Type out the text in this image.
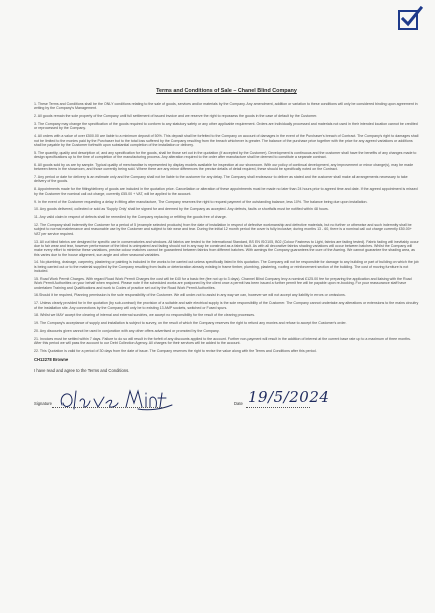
Terms and Conditions of Sale – Chanel Blind Company

1. These Terms and Conditions shall be the ONLY conditions relating to the sale of goods, services and/or materials by the Company. Any amendment, addition or variation to these conditions will only be considered binding upon agreement in writing by the Company's Management.

2. All goods remain the sole property of the Company until full settlement of issued invoice and we reserve the right to repossess the goods in the case of default by the Customer.

3. The Company may change the specification of the goods required to conform to any statutory safety or any other applicable requirement. Orders are individually processed and materials not used in their intended location cannot be credited or reprocessed by the Company.

4. All orders with a value of over £500.00 are liable to a minimum deposit of 50%. This deposit shall be forfeited to the Company on account of damages in the event of the Purchaser's breach of Contract. The Company's right to damages shall not be limited to the monies paid by the Purchaser but to the total loss suffered by the Company resulting from the breach whichever is greater. The balance of the purchase price together with the price for any agreed variations or additions shall be payable by the Customer forthwith upon substantial completion of the installation or delivery.

5. The quantity, quality and description of, and any specification for the goods, shall be those set out in the quotation (if accepted by the Customer). Development is continuous and the customer shall have the benefits of any changes made to design specifications up to the time of completion of the manufacturing process. Any alteration required to the order after manufacture shall be deemed to constitute a separate contract.

6. All goods sold by us are by sample. Typical quality of merchandise is represented by display models available for inspection at our showroom. With our policy of continual development, any improvement or minor change(s), may be made between items in the showroom, and those currently being sold. Where there are any minor differences the precise details of detail required, these should be specifically noted on the Contract.

7. Any period or date for delivery is an estimate only and the Company shall not be liable to the customer for any delay. The Company shall endeavour to deliver as stated and the customer shall make all arrangements necessary to take delivery of the goods.

8. Appointments made for the fitting/delivery of goods are included in the quotation price. Cancellation or alteration of these appointments must be made no later than 24 hours prior to agreed time and date. If the agreed appointment is missed by the Customer the nominal call out charge, currently £55.00 + VAT, will be applied to the account.

9. In the event of the Customer requesting a delay in fitting after manufacture, The Company reserves the right to request payment of the outstanding balance, less 10%. The balance being due upon installation.

10. Any goods delivered, collected or sold as 'Supply Only' shall be signed for and deemed by the Company as accepted. Any defects, faults or shortfalls must be notified within 48 hours.

11. Any valid claim in respect of defects shall be remedied by the Company replacing or refitting the goods free of charge.

12. The Company shall indemnify the Customer for a period of 5 (example selected products) from the date of installation in respect of defective workmanship and defective materials, but no further or otherwise and such indemnity shall be subject to normal maintenance and reasonable use by the Customer and subject to fair wear and tear. During the initial 12 month period the cover is fully inclusive; during months 13 - 60, there is a nominal call out charge currently £50.00+ VAT per service required.

13. All cut blind fabrics are designed for specific use in conservatories and windows. All fabrics are tested to the International Standard, BS EN ISO105, B02 (Colour Fastness to Light, fabrics are fading tested). Fabric fading will inevitably occur due to fair wear and tear, however performance of the blind is unimpaired and fading should not in any way be construed as a fabric fault. As with all decorative fabrics shading variations will occur between batches. Whilst the Company will make every effort to minimise these variations, precise colour matches cannot be guaranteed between fabrics from different batches. With awnings the Company guarantees the cure of the Awning. We cannot guarantee the shading area, as this varies due to the house alignment, sun angle and other seasonal variables.

14. No plumbing, drainage, carpentry, plastering or painting is included in the works to be carried out unless specifically listed in this quotation. The Company will not be responsible for damage to any building or part of building on which the job is being carried out or to the material supplied by the Company resulting from faults or deterioration already existing in frame timber, plumbing, plastering, roofing or reinforcement section of the building. The cost of moving furniture is not included.

15. Road Work Permit Charges. With regard Road Work Permit Charges the cost will be £40 for a basic fee (fee not up to 3 days). Channel Blind Company levy a nominal £125.00 fee for preparing the application and liaising with the Road Work Permit Authorities on your behalf when required. Please note if the scheduled works are postponed by the client once a permit has been issued a further permit fee will be payable upon re-booking. For your reassurance staff have undertaken Training and Qualifications and work to Codes of practice set out by the Road Work Permit Authorities.

16.Should it be required, Planning permission is the sole responsibility of the Customer. We will under-not to assist in any way we can, however we will not accept any liability in errors or omissions.

17. Unless clearly provided for in the quotation (by sub-contract) the provision of a suitable and safe electrical supply is the sole responsibility of the Customer. The Company cannot undertake any alterations or extensions to the mains circuitry of the installation site. Any connections by the Company will only be to existing 13 AMP sockets, switched or Fused spurs.

18. Whilst we MAY accept the clearing of internal and external sundries, we accept no responsibility for the result of the clearing processes.

19. The Company's acceptance of supply and installation is subject to survey, on the result of which the Company reserves the right to refund any monies and refuse to accept the Customer's order.

20. Any discounts given cannot be used in conjunction with any other offers advertised or promoted by the Company.

21. Invoices must be settled within 7 days. Failure to do so will result in the forfeit of any discounts applied to the account. Further non-payment will result in the addition of interest at the current base rate up to a maximum of three months. After this period we will pass the account to our Debt Collection Agency. All charges for their services will be added to the account.

22. This Quotation is valid for a period of 30 days from the date of issue. The Company reserves the right to revise the value along with the Terms and Conditions after this period.

CH12278 Browne
I have read and agree to the Terms and Conditions.
Signature	Date 19/5/2024
